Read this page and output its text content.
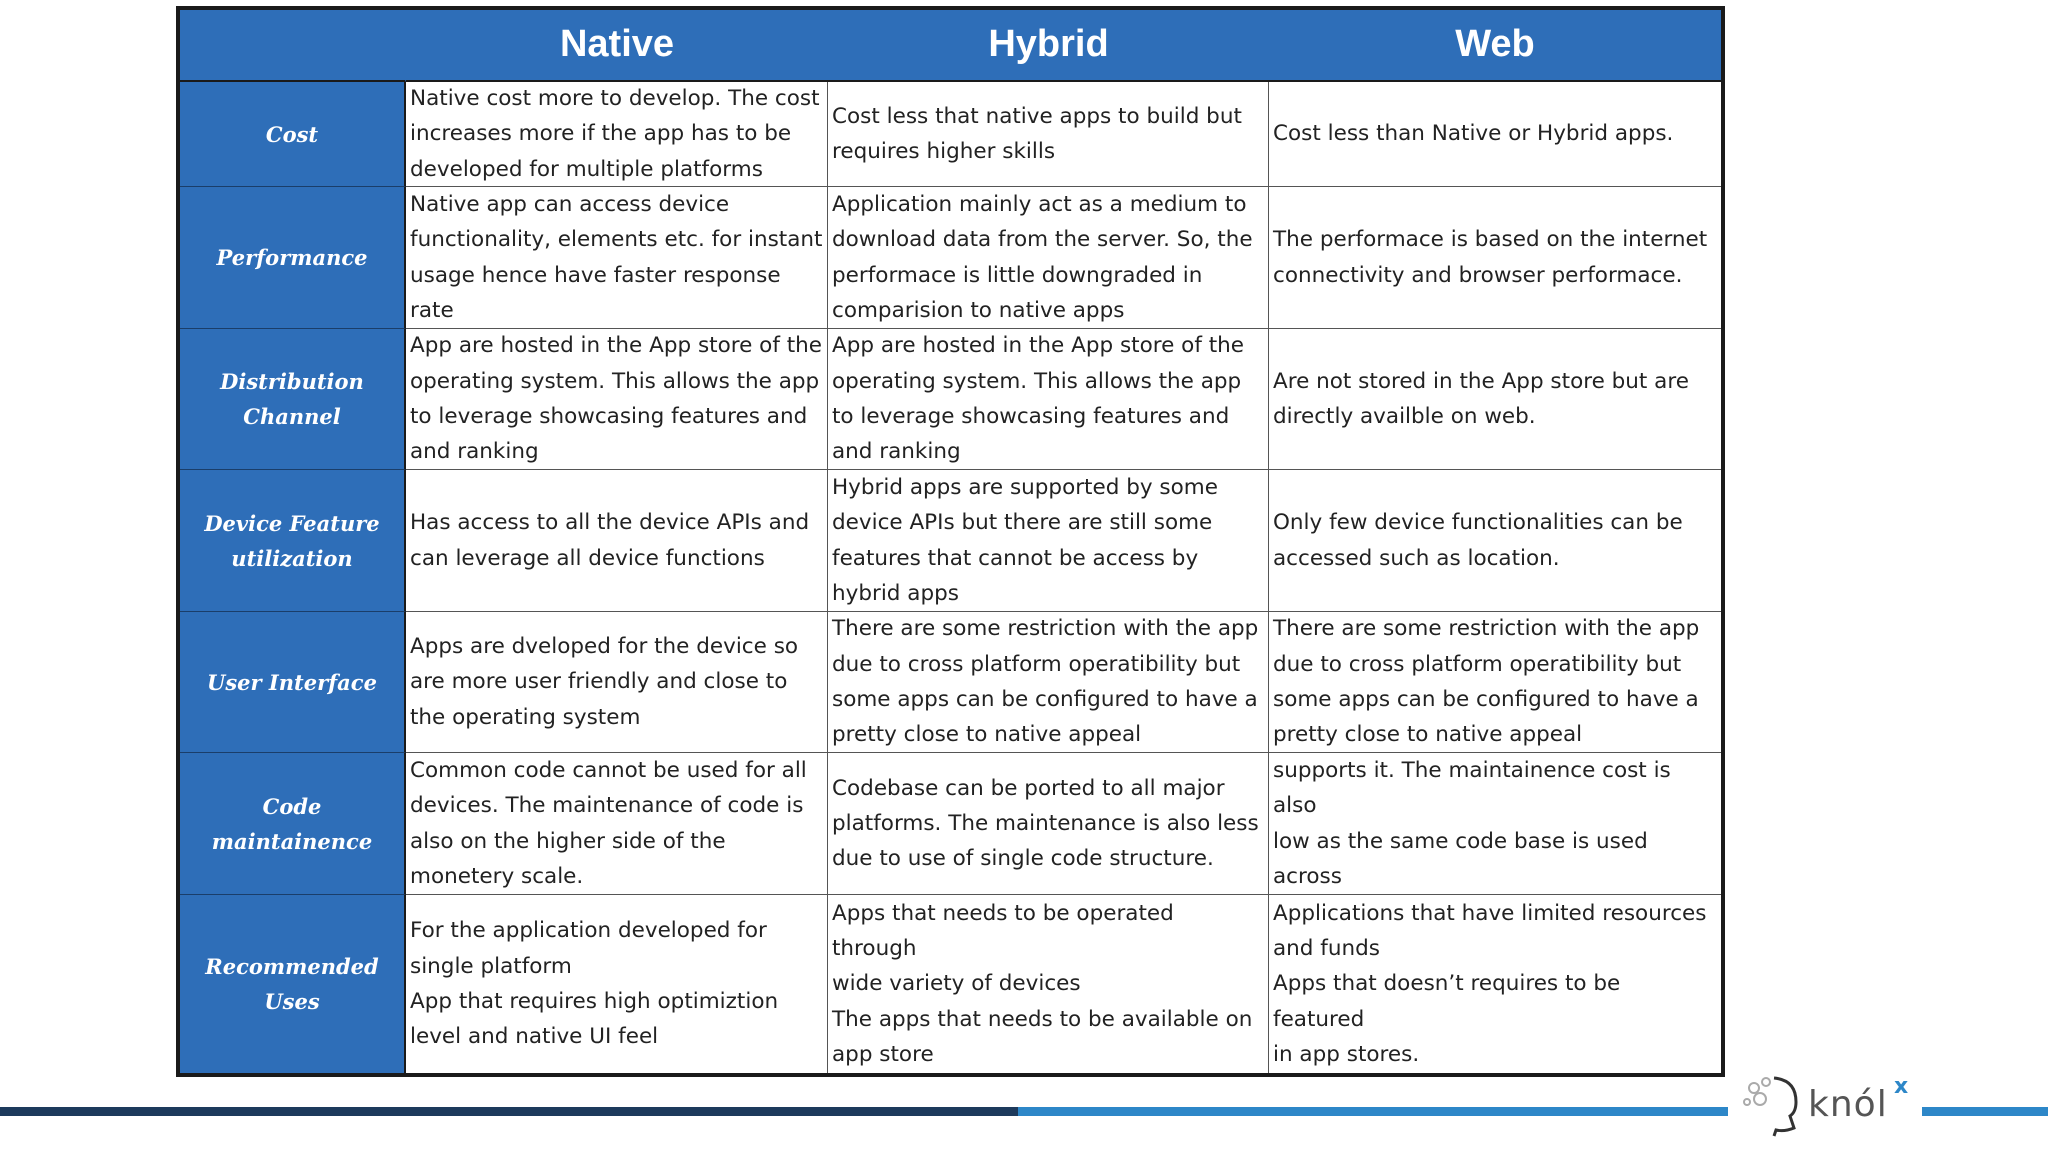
Native	Hybrid	Web
Cost
Native cost more to develop. The cost
increases more if the app has to be
developed for multiple platforms
Cost less that native apps to build but
requires higher skills
Cost less than Native or Hybrid apps.
Performance
Native app can access device
functionality, elements etc. for instant
usage hence have faster response rate
Application mainly act as a medium to
download data from the server. So, the
performace is little downgraded in
comparision to native apps
The performace is based on the internet
connectivity and browser performace.
Distribution
Channel
App are hosted in the App store of the
operating system. This allows the app
to leverage showcasing features and
and ranking
App are hosted in the App store of the
operating system. This allows the app
to leverage showcasing features and
and ranking
Are not stored in the App store but are
directly availble on web.
Device Feature
utilization
Has access to all the device APIs and
can leverage all device functions
Hybrid apps are supported by some
device APIs but there are still some
features that cannot be access by
hybrid apps
Only few device functionalities can be
accessed such as location.
User Interface
Apps are dveloped for the device so
are more user friendly and close to
the operating system
There are some restriction with the app
due to cross platform operatibility but
some apps can be configured to have a
pretty close to native appeal
There are some restriction with the app
due to cross platform operatibility but
some apps can be configured to have a
pretty close to native appeal
Code maintainence
Common code cannot be used for all
devices. The maintenance of code is
also on the higher side of the
monetery scale.
Codebase can be ported to all major
platforms. The maintenance is also less
due to use of single code structure.

supports it. The maintainence cost is also
low as the same code base is used across

Recommended Uses
For the application developed for
single platform
App that requires high optimiztion
level and native UI feel
Apps that needs to be operated through
wide variety of devices
The apps that needs to be available on
app store
Applications that have limited resources
and funds
Apps that doesn’t requires to be featured
in app stores.
knól x
